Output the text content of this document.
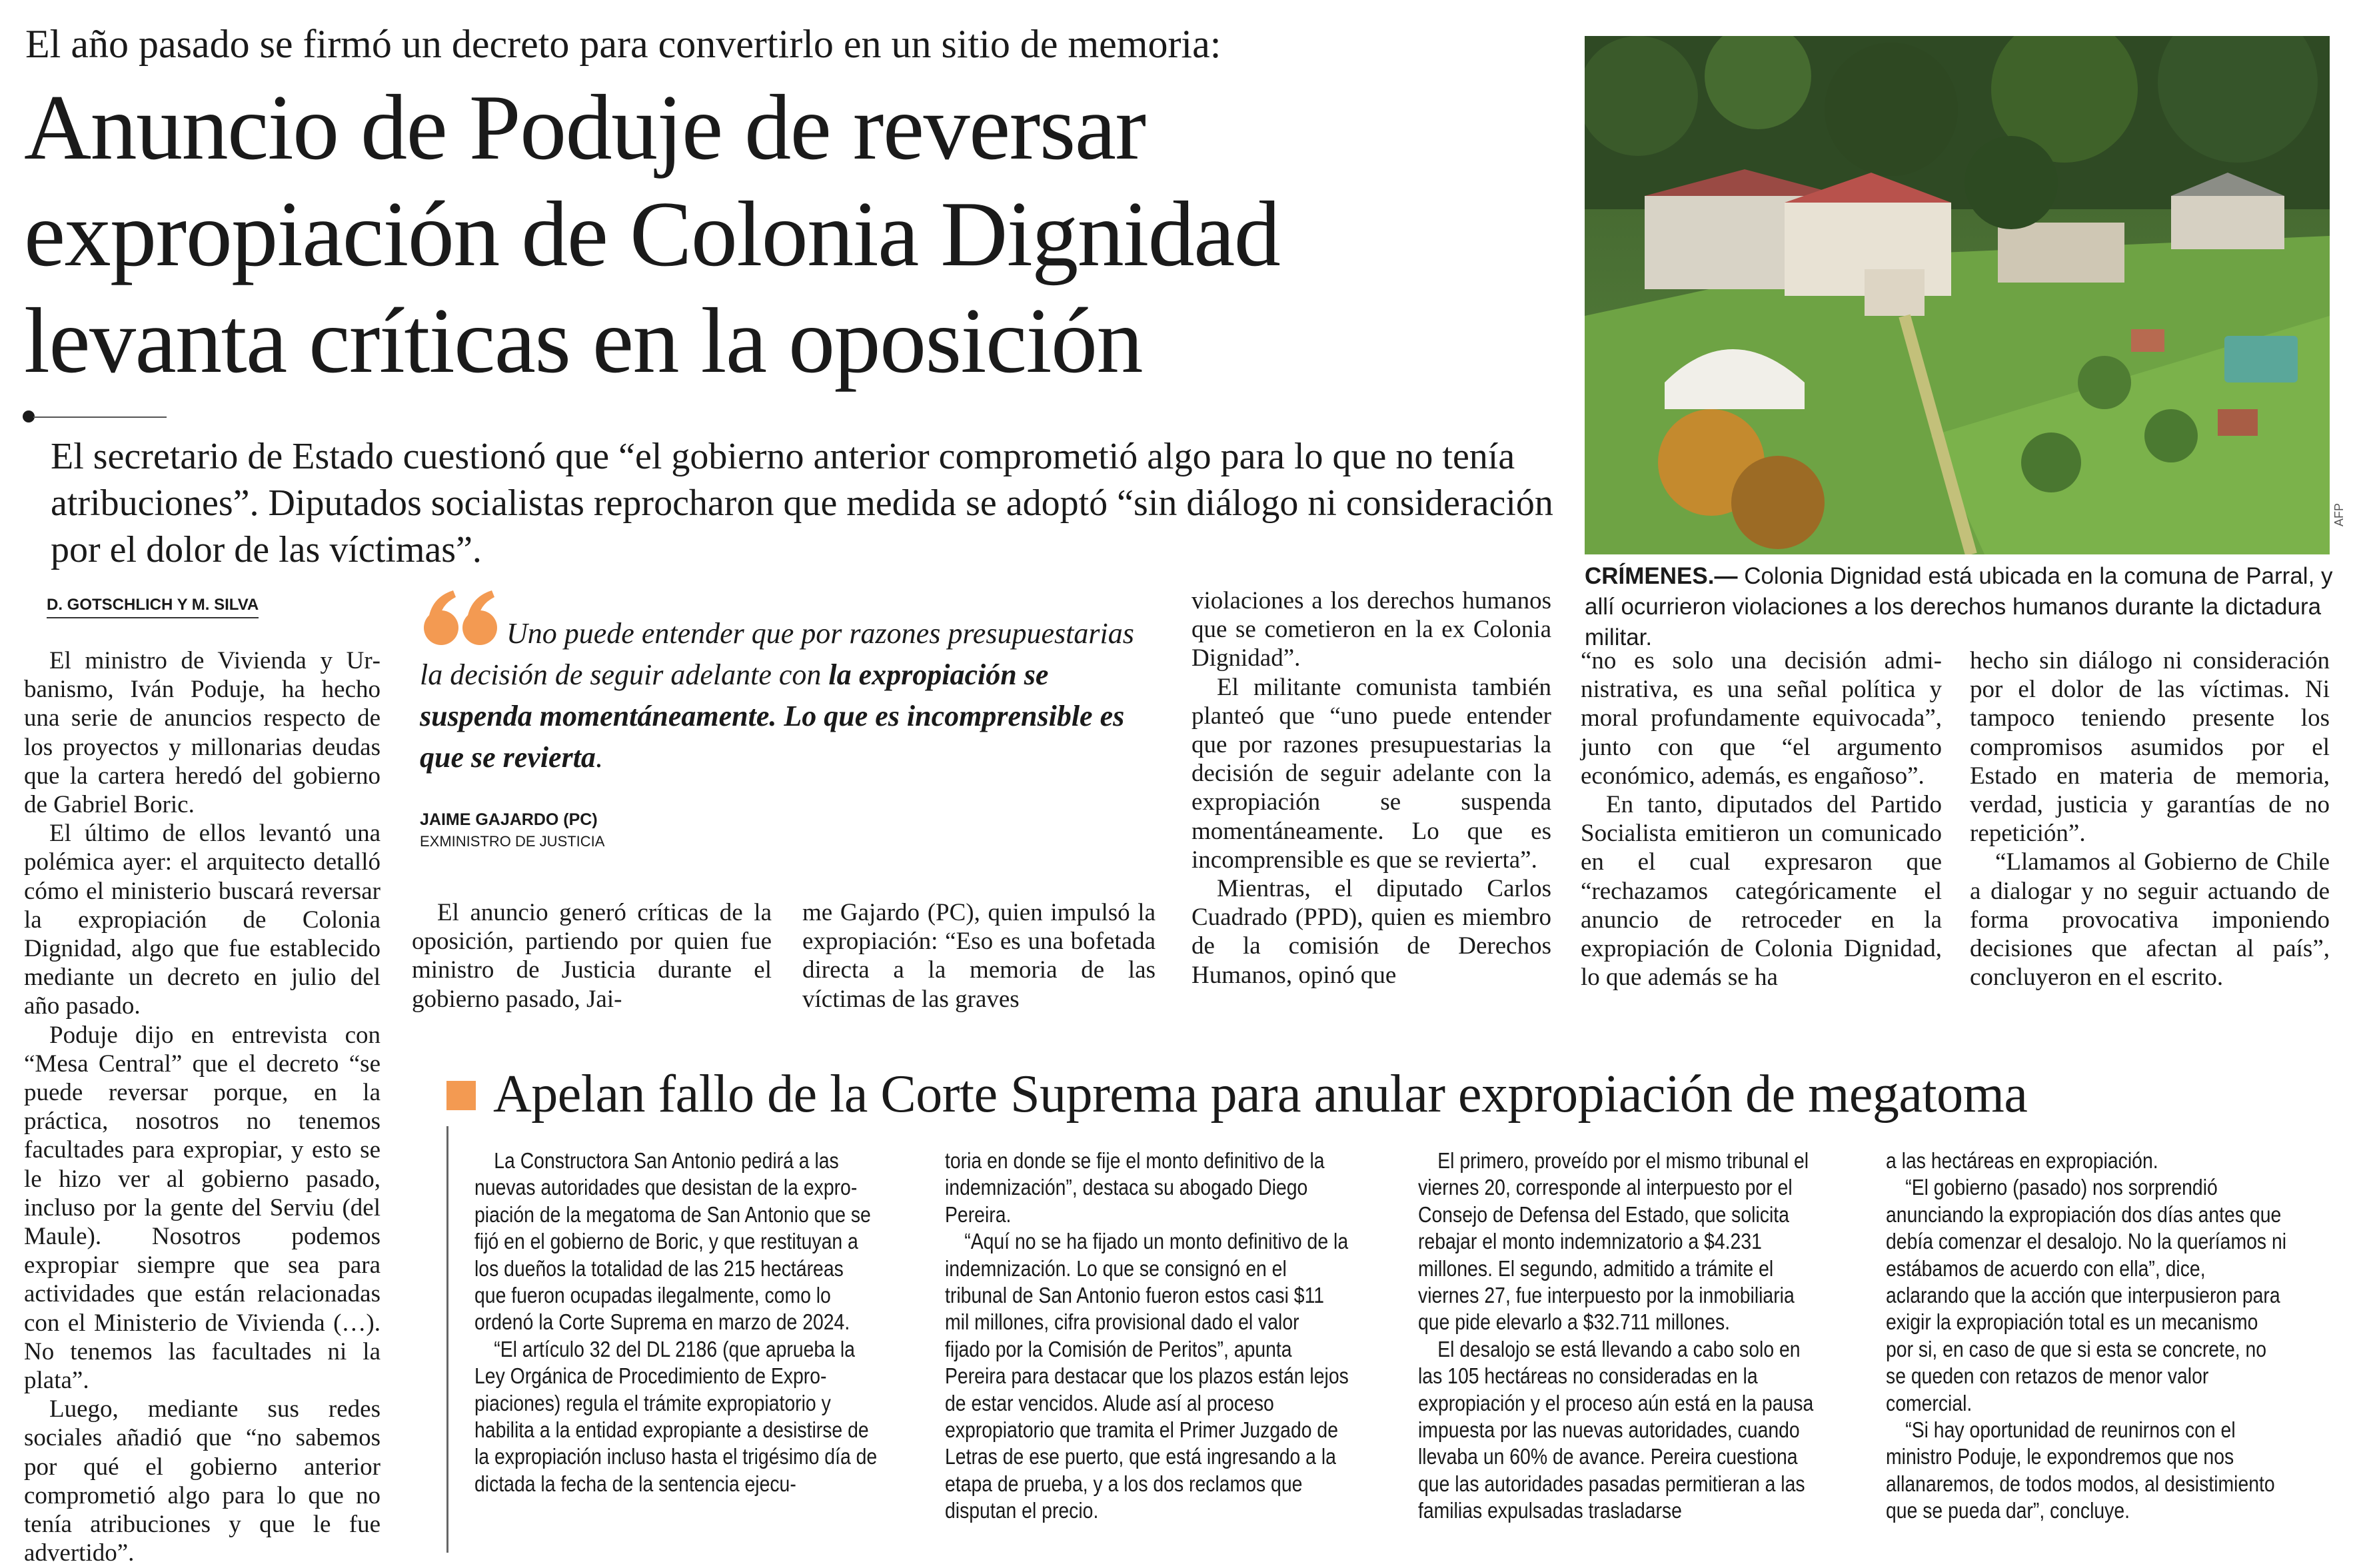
El año pasado se firmó un decreto para convertirlo en un sitio de memoria:
Anuncio de Poduje de reversar
expropiación de Colonia Dignidad
levanta críticas en la oposición
El secretario de Estado cuestionó que “el gobierno anterior comprometió algo para lo que no tenía atribuciones”. Diputados socialistas reprocharon que medida se adoptó “sin diálogo ni consideración por el dolor de las víctimas”.
AFP
CRÍMENES.— Colonia Dignidad está ubicada en la comuna de Parral, y allí ocurrieron violaciones a los derechos humanos durante la dictadura militar.
D. GOTSCHLICH Y M. SILVA

El ministro de Vivienda y Urbanismo, Iván Poduje, ha hecho una serie de anuncios respecto de los proyectos y millonarias deudas que la cartera heredó del gobierno de Gabriel Boric.

El último de ellos levantó una polémica ayer: el arquitecto detalló cómo el ministerio buscará reversar la expropiación de Colonia Dignidad, algo que fue establecido mediante un decreto en julio del año pasado.

Poduje dijo en entrevista con “Mesa Central” que el decreto “se puede reversar porque, en la práctica, nosotros no tenemos facultades para expropiar, y esto se le hizo ver al gobierno pasado, incluso por la gente del Serviu (del Maule). Nosotros podemos expropiar siempre que sea para actividades que están relacionadas con el Ministerio de Vivienda (…). No tenemos las facultades ni la plata”.

Luego, mediante sus redes sociales añadió que “no sabemos por qué el gobierno anterior comprometió algo para lo que no tenía atribuciones y que le fue advertido”.

Uno puede entender que por razones presupuestarias la decisión de seguir adelante con la expropiación se suspenda momentáneamente. Lo que es incomprensible es que se revierta.
JAIME GAJARDO (PC)
EXMINISTRO DE JUSTICIA

El anuncio generó críticas de la oposición, partiendo por quien fue ministro de Justicia durante el gobierno pasado, Jai-

me Gajardo (PC), quien impulsó la expropiación: “Eso es una bofetada directa a la memoria de las víctimas de las graves

violaciones a los derechos humanos que se cometieron en la ex Colonia Dignidad”.

El militante comunista también planteó que “uno puede entender que por razones presupuestarias la decisión de seguir adelante con la expropiación se suspenda momentáneamente. Lo que es incomprensible es que se revierta”.

Mientras, el diputado Carlos Cuadrado (PPD), quien es miembro de la comisión de Derechos Humanos, opinó que

“no es solo una decisión administrativa, es una señal política y moral profundamente equivocada”, junto con que “el argumento económico, además, es engañoso”.

En tanto, diputados del Partido Socialista emitieron un comunicado en el cual expresaron que “rechazamos categóricamente el anuncio de retroceder en la expropiación de Colonia Dignidad, lo que además se ha

hecho sin diálogo ni consideración por el dolor de las víctimas. Ni tampoco teniendo presente los compromisos asumidos por el Estado en materia de memoria, verdad, justicia y garantías de no repetición”.

“Llamamos al Gobierno de Chile a dialogar y no seguir actuando de forma provocativa imponiendo decisiones que afectan al país”, concluyeron en el escrito.

Apelan fallo de la Corte Suprema para anular expropiación de megatoma

La Constructora San Antonio pedirá a las nuevas autoridades que desistan de la expropiación de la megatoma de San Antonio que se fijó en el gobierno de Boric, y que restituyan a los dueños la totalidad de las 215 hectáreas que fueron ocupadas ilegalmente, como lo ordenó la Corte Suprema en marzo de 2024.

“El artículo 32 del DL 2186 (que aprueba la Ley Orgánica de Procedimiento de Expropiaciones) regula el trámite expropiatorio y habilita a la entidad expropiante a desistirse de la expropiación incluso hasta el trigésimo día de dictada la fecha de la sentencia ejecu-

toria en donde se fije el monto definitivo de la indemnización”, destaca su abogado Diego Pereira.

“Aquí no se ha fijado un monto definitivo de la indemnización. Lo que se consignó en el tribunal de San Antonio fueron estos casi $11 mil millones, cifra provisional dado el valor fijado por la Comisión de Peritos”, apunta Pereira para destacar que los plazos están lejos de estar vencidos. Alude así al proceso expropiatorio que tramita el Primer Juzgado de Letras de ese puerto, que está ingresando a la etapa de prueba, y a los dos reclamos que disputan el precio.

El primero, proveído por el mismo tribunal el viernes 20, corresponde al interpuesto por el Consejo de Defensa del Estado, que solicita rebajar el monto indemnizatorio a $4.231 millones. El segundo, admitido a trámite el viernes 27, fue interpuesto por la inmobiliaria que pide elevarlo a $32.711 millones.

El desalojo se está llevando a cabo solo en las 105 hectáreas no consideradas en la expropiación y el proceso aún está en la pausa impuesta por las nuevas autoridades, cuando llevaba un 60% de avance. Pereira cuestiona que las autoridades pasadas permitieran a las familias expulsadas trasladarse

a las hectáreas en expropiación.

“El gobierno (pasado) nos sorprendió anunciando la expropiación dos días antes que debía comenzar el desalojo. No la queríamos ni estábamos de acuerdo con ella”, dice, aclarando que la acción que interpusieron para exigir la expropiación total es un mecanismo por si, en caso de que si esta se concrete, no se queden con retazos de menor valor comercial.

“Si hay oportunidad de reunirnos con el ministro Poduje, le expondremos que nos allanaremos, de todos modos, al desistimiento que se pueda dar”, concluye.
